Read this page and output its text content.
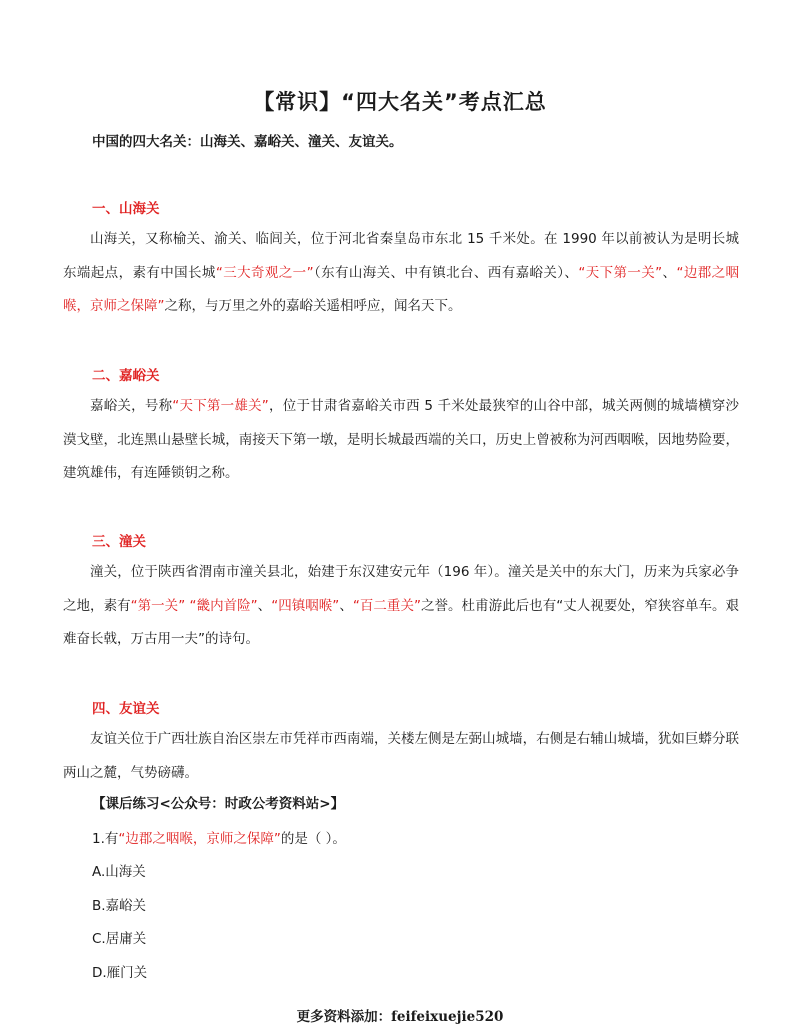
【常识】“四大名关”考点汇总
中国的四大名关：山海关、嘉峪关、潼关、友谊关。
一、山海关
山海关，又称榆关、渝关、临闾关，位于河北省秦皇岛市东北 15 千米处。在 1990 年以前被认为是明长城东端起点，素有中国长城“三大奇观之一”（东有山海关、中有镇北台、西有嘉峪关）、“天下第一关”、“边郡之咽喉，京师之保障”之称，与万里之外的嘉峪关遥相呼应，闻名天下。
二、嘉峪关
嘉峪关，号称“天下第一雄关”，位于甘肃省嘉峪关市西 5 千米处最狭窄的山谷中部，城关两侧的城墙横穿沙漠戈壁，北连黑山悬壁长城，南接天下第一墩，是明长城最西端的关口，历史上曾被称为河西咽喉，因地势险要，建筑雄伟，有连陲锁钥之称。
三、潼关
潼关，位于陕西省渭南市潼关县北，始建于东汉建安元年（196 年）。潼关是关中的东大门，历来为兵家必争之地，素有“第一关” “畿内首险”、“四镇咽喉”、“百二重关”之誉。杜甫游此后也有“丈人视要处，窄狭容单车。艰难奋长戟，万古用一夫”的诗句。
四、友谊关
友谊关位于广西壮族自治区崇左市凭祥市西南端，关楼左侧是左弼山城墙，右侧是右辅山城墙，犹如巨蟒分联两山之麓，气势磅礴。
【课后练习<公众号：时政公考资料站>】
1.有“边郡之咽喉，京师之保障”的是（ ）。
A.山海关
B.嘉峪关
C.居庸关
D.雁门关
更多资料添加：feifeixuejie520
